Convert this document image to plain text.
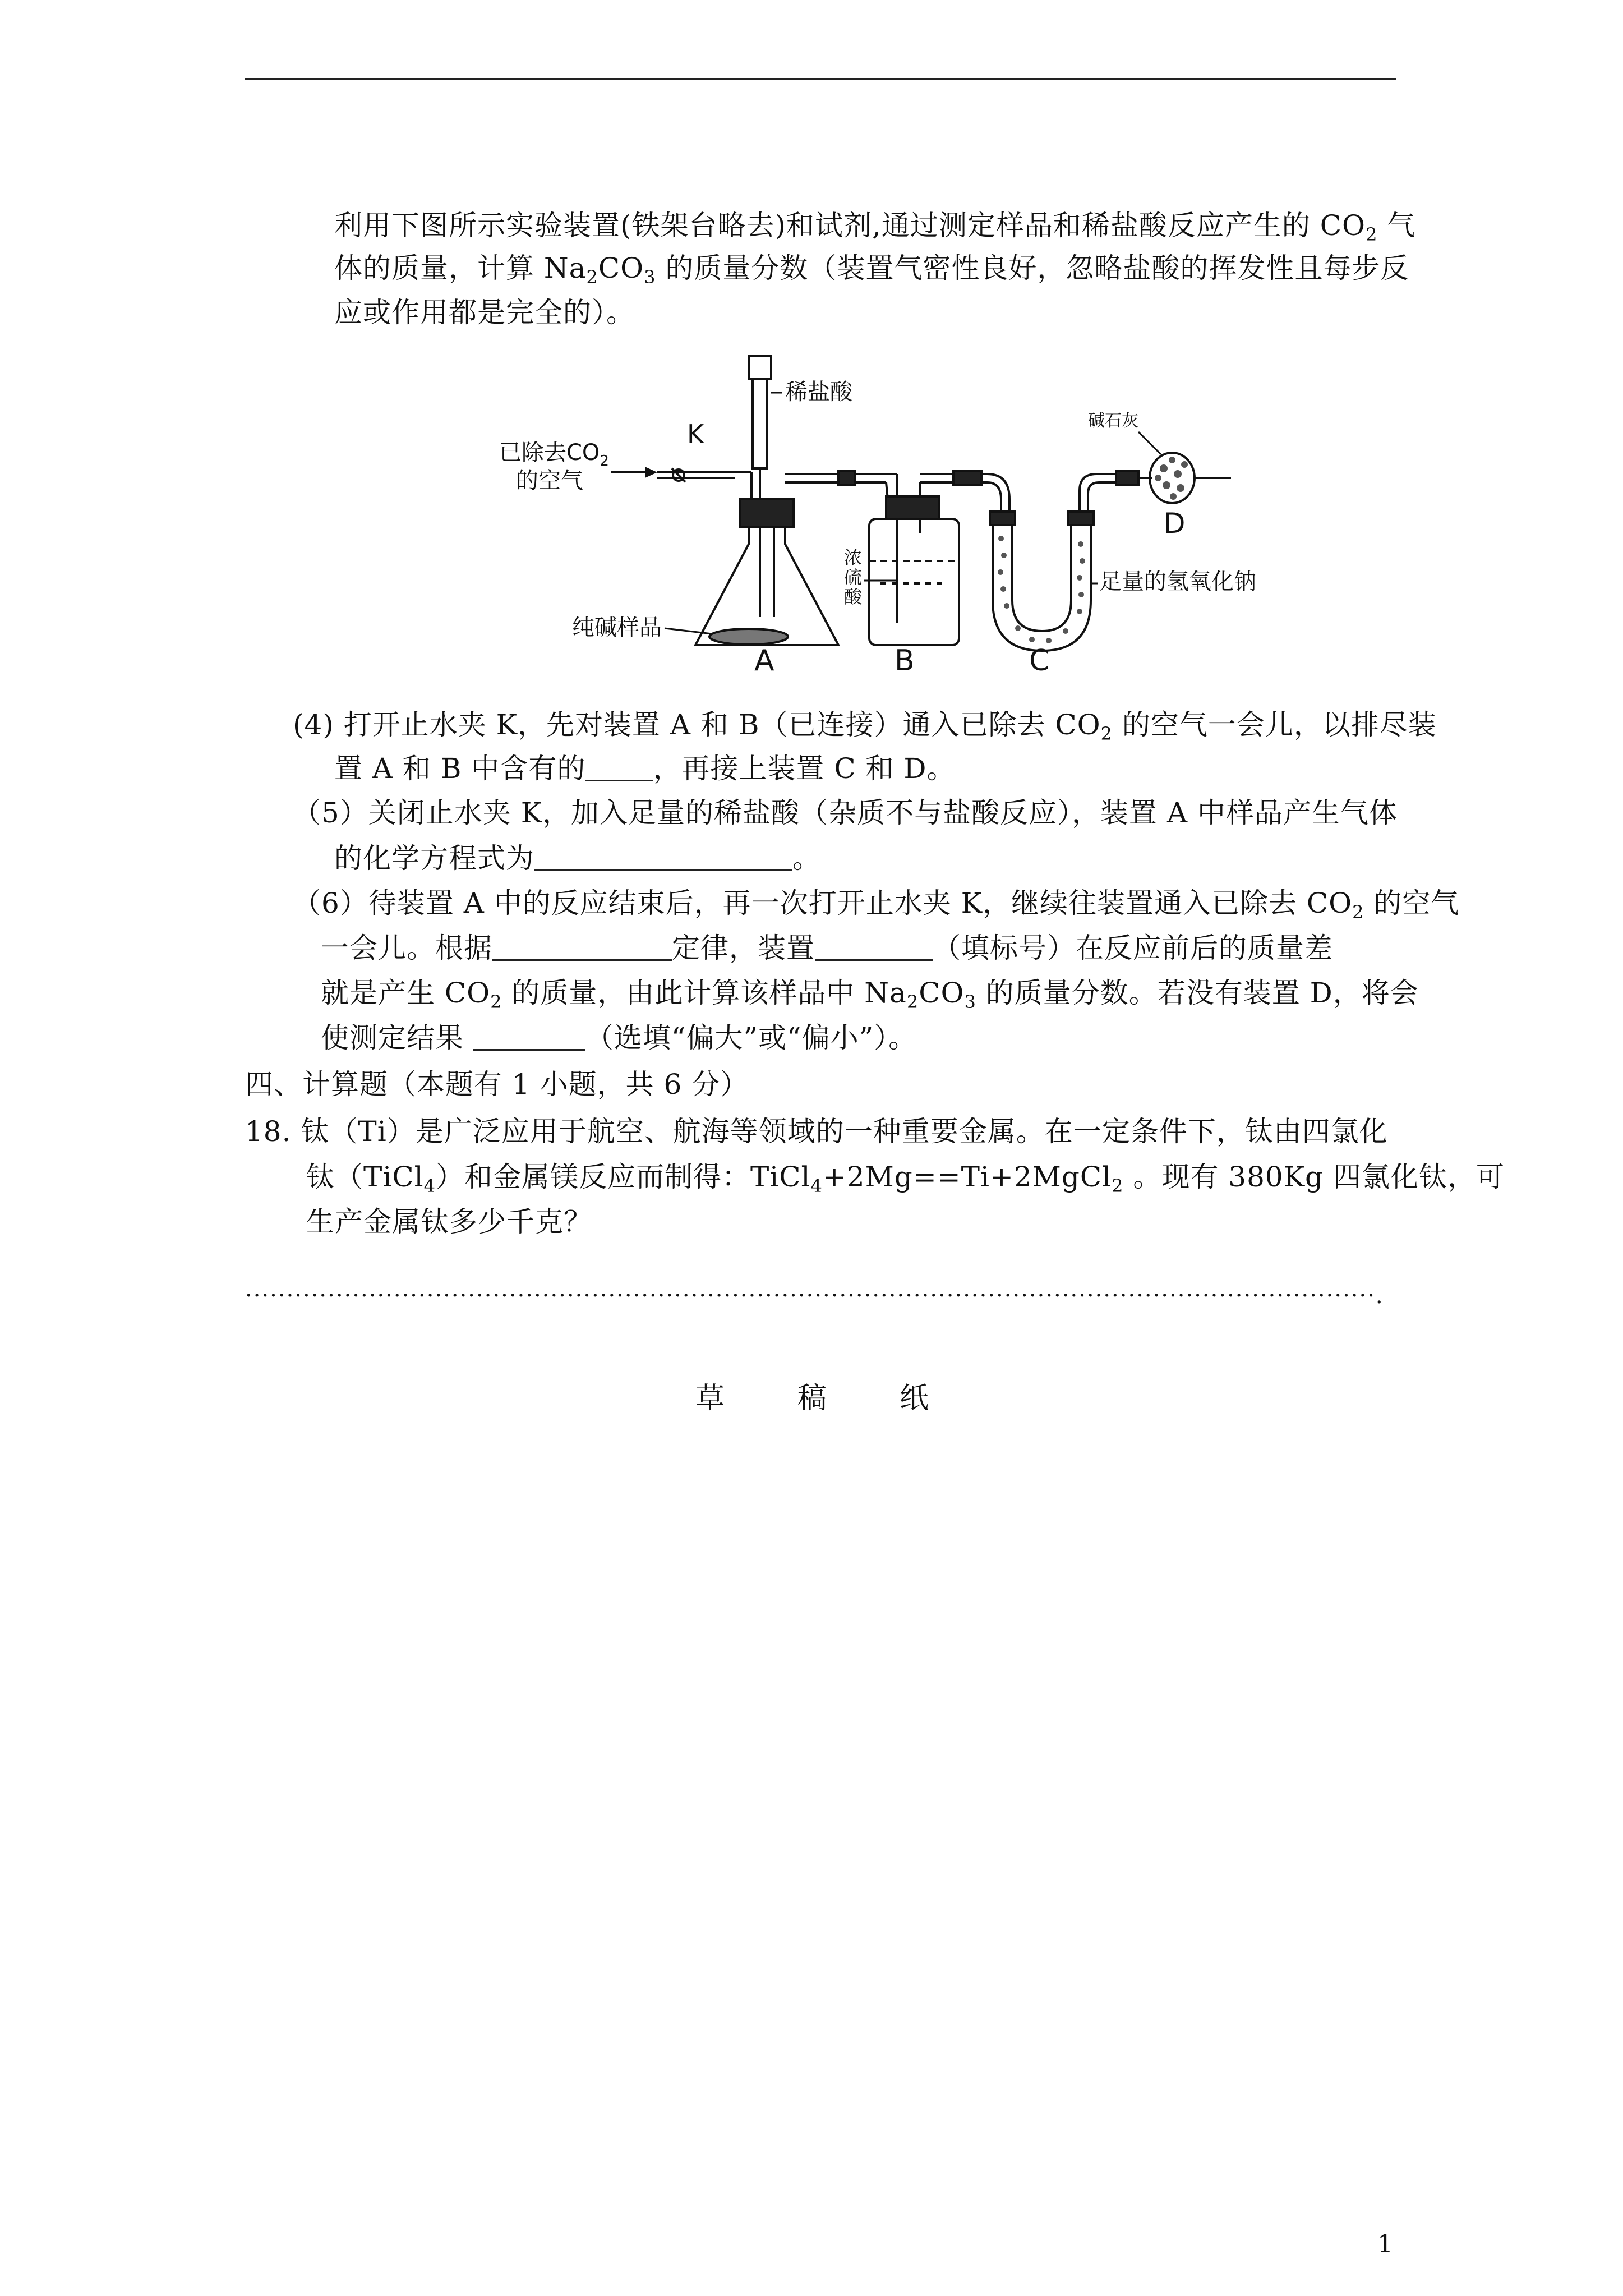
利用下图所示实验装置(铁架台略去)和试剂,通过测定样品和稀盐酸反应产生的 $CO_2$ 气
体的质量，计算 $Na_2CO_3$ 的质量分数（装置气密性良好，忽略盐酸的挥发性且每步反
应或作用都是完全的）。
已除去$CO_2$
的空气
K
稀盐酸
碱石灰
D
浓
硫
酸
足量的氢氧化钠
纯碱样品
A	B	C
(4) 打开止水夹 K，先对装置 A 和 B（已连接）通入已除去 $CO_2$ 的空气一会儿，以排尽装
置 A 和 B 中含有的 ，再接上装置 C 和 D。
（5）关闭止水夹 K，加入足量的稀盐酸（杂质不与盐酸反应），装置 A 中样品产生气体
的化学方程式为	。
（6）待装置 A 中的反应结束后，再一次打开止水夹 K，继续往装置通入已除去 $CO_2$ 的空气
一会儿。根据	定律，装置	（填标号）在反应前后的质量差
就是产生 $CO_2$ 的质量，由此计算该样品中 $Na_2CO_3$ 的质量分数。若没有装置 D，将会
使测定结果	（选填“偏大”或“偏小”）。
四、计算题（本题有 1 小题，共 6 分）
18. 钛（Ti）是广泛应用于航空、航海等领域的一种重要金属。在一定条件下，钛由四氯化
钛（TiCl$_4$）和金属镁反应而制得：TiCl$_4$+2Mg==Ti+2MgCl$_2$ 。现有 380Kg 四氯化钛，可
生产金属钛多少千克？
·········································································································································.
草	稿	纸
1
